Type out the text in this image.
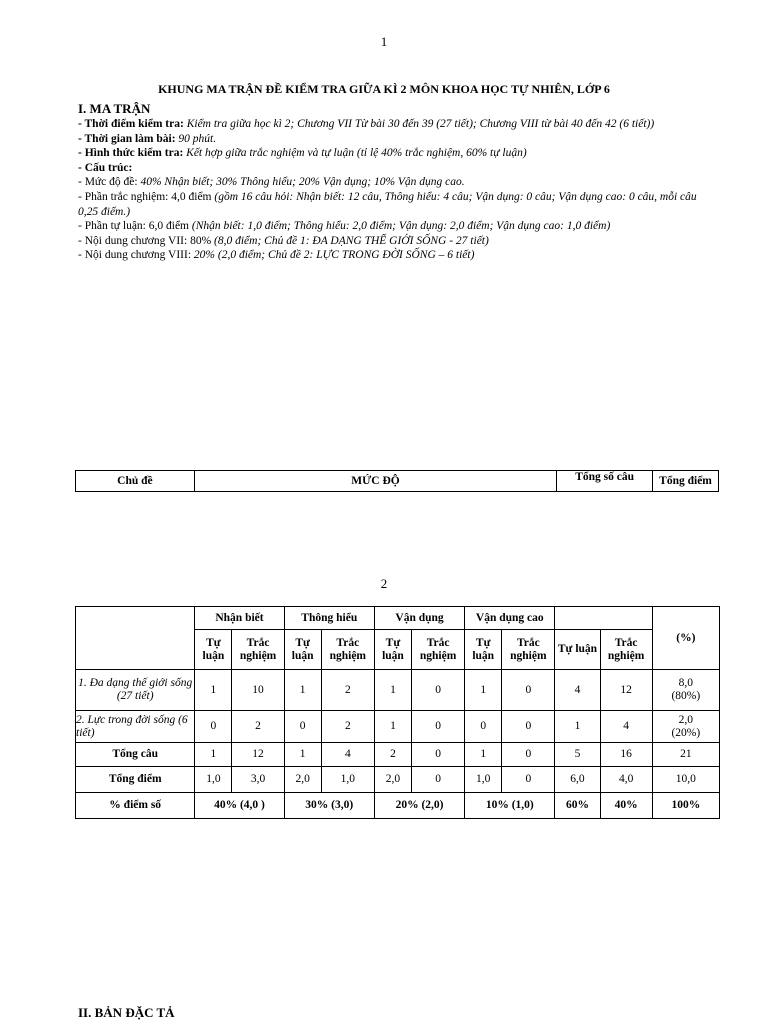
1
KHUNG MA TRẬN ĐỀ KIỂM TRA GIỮA KÌ 2 MÔN KHOA HỌC TỰ NHIÊN, LỚP 6
I. MA TRẬN
- Thời điểm kiểm tra: Kiểm tra giữa học kì 2; Chương VII Từ bài 30 đến 39 (27 tiết); Chương VIII từ bài 40 đến 42 (6 tiết))
- Thời gian làm bài: 90 phút.
- Hình thức kiểm tra: Kết hợp giữa trắc nghiệm và tự luận (tỉ lệ 40% trắc nghiệm, 60% tự luận)
- Cấu trúc:
- Mức độ đề: 40% Nhận biết; 30% Thông hiểu; 20% Vận dụng; 10% Vận dụng cao.
- Phần trắc nghiệm: 4,0 điểm (gồm 16 câu hỏi: Nhận biết: 12 câu, Thông hiểu: 4 câu; Vận dụng: 0 câu; Vận dụng cao: 0 câu, mỗi câu 0,25 điểm.)
- Phần tự luận: 6,0 điểm (Nhận biết: 1,0 điểm; Thông hiểu: 2,0 điểm; Vận dụng: 2,0 điểm; Vận dụng cao: 1,0 điểm)
- Nội dung chương VII: 80% (8,0 điểm; Chủ đề 1: ĐA DẠNG THẾ GIỚI SỐNG - 27 tiết)
- Nội dung chương VIII: 20% (2,0 điểm; Chủ đề 2: LỰC TRONG ĐỜI SỐNG – 6 tiết)
Chủ đề	MỨC ĐỘ	Tổng số câu	Tổng điểm
2
	Nhận biết		Thông hiểu		Vận dụng		Vận dụng cao				(%)
	Tự luận	Trắc nghiệm	Tự luận	Trắc nghiệm	Tự luận	Trắc nghiệm	Tự luận	Trắc nghiệm	Tự luận	Trắc nghiệm	
1. Đa dạng thế giới sống (27 tiết)	1	10	1	2	1	0	1	0	4	12	8,0
(80%)

2. Lực trong đời sống (6 tiết)	0	2	0	2	1	0	0	0	1	4	2,0
(20%)

Tổng câu	1	12	1	4	2	0	1	0	5	16	21
Tổng điểm	1,0	3,0	2,0	1,0	2,0	0	1,0	0	6,0	4,0	10,0
% điểm số	40% (4,0 )		30% (3,0)		20% (2,0)		10% (1,0)		60%	40%	100%
II. BẢN ĐẶC TẢ
